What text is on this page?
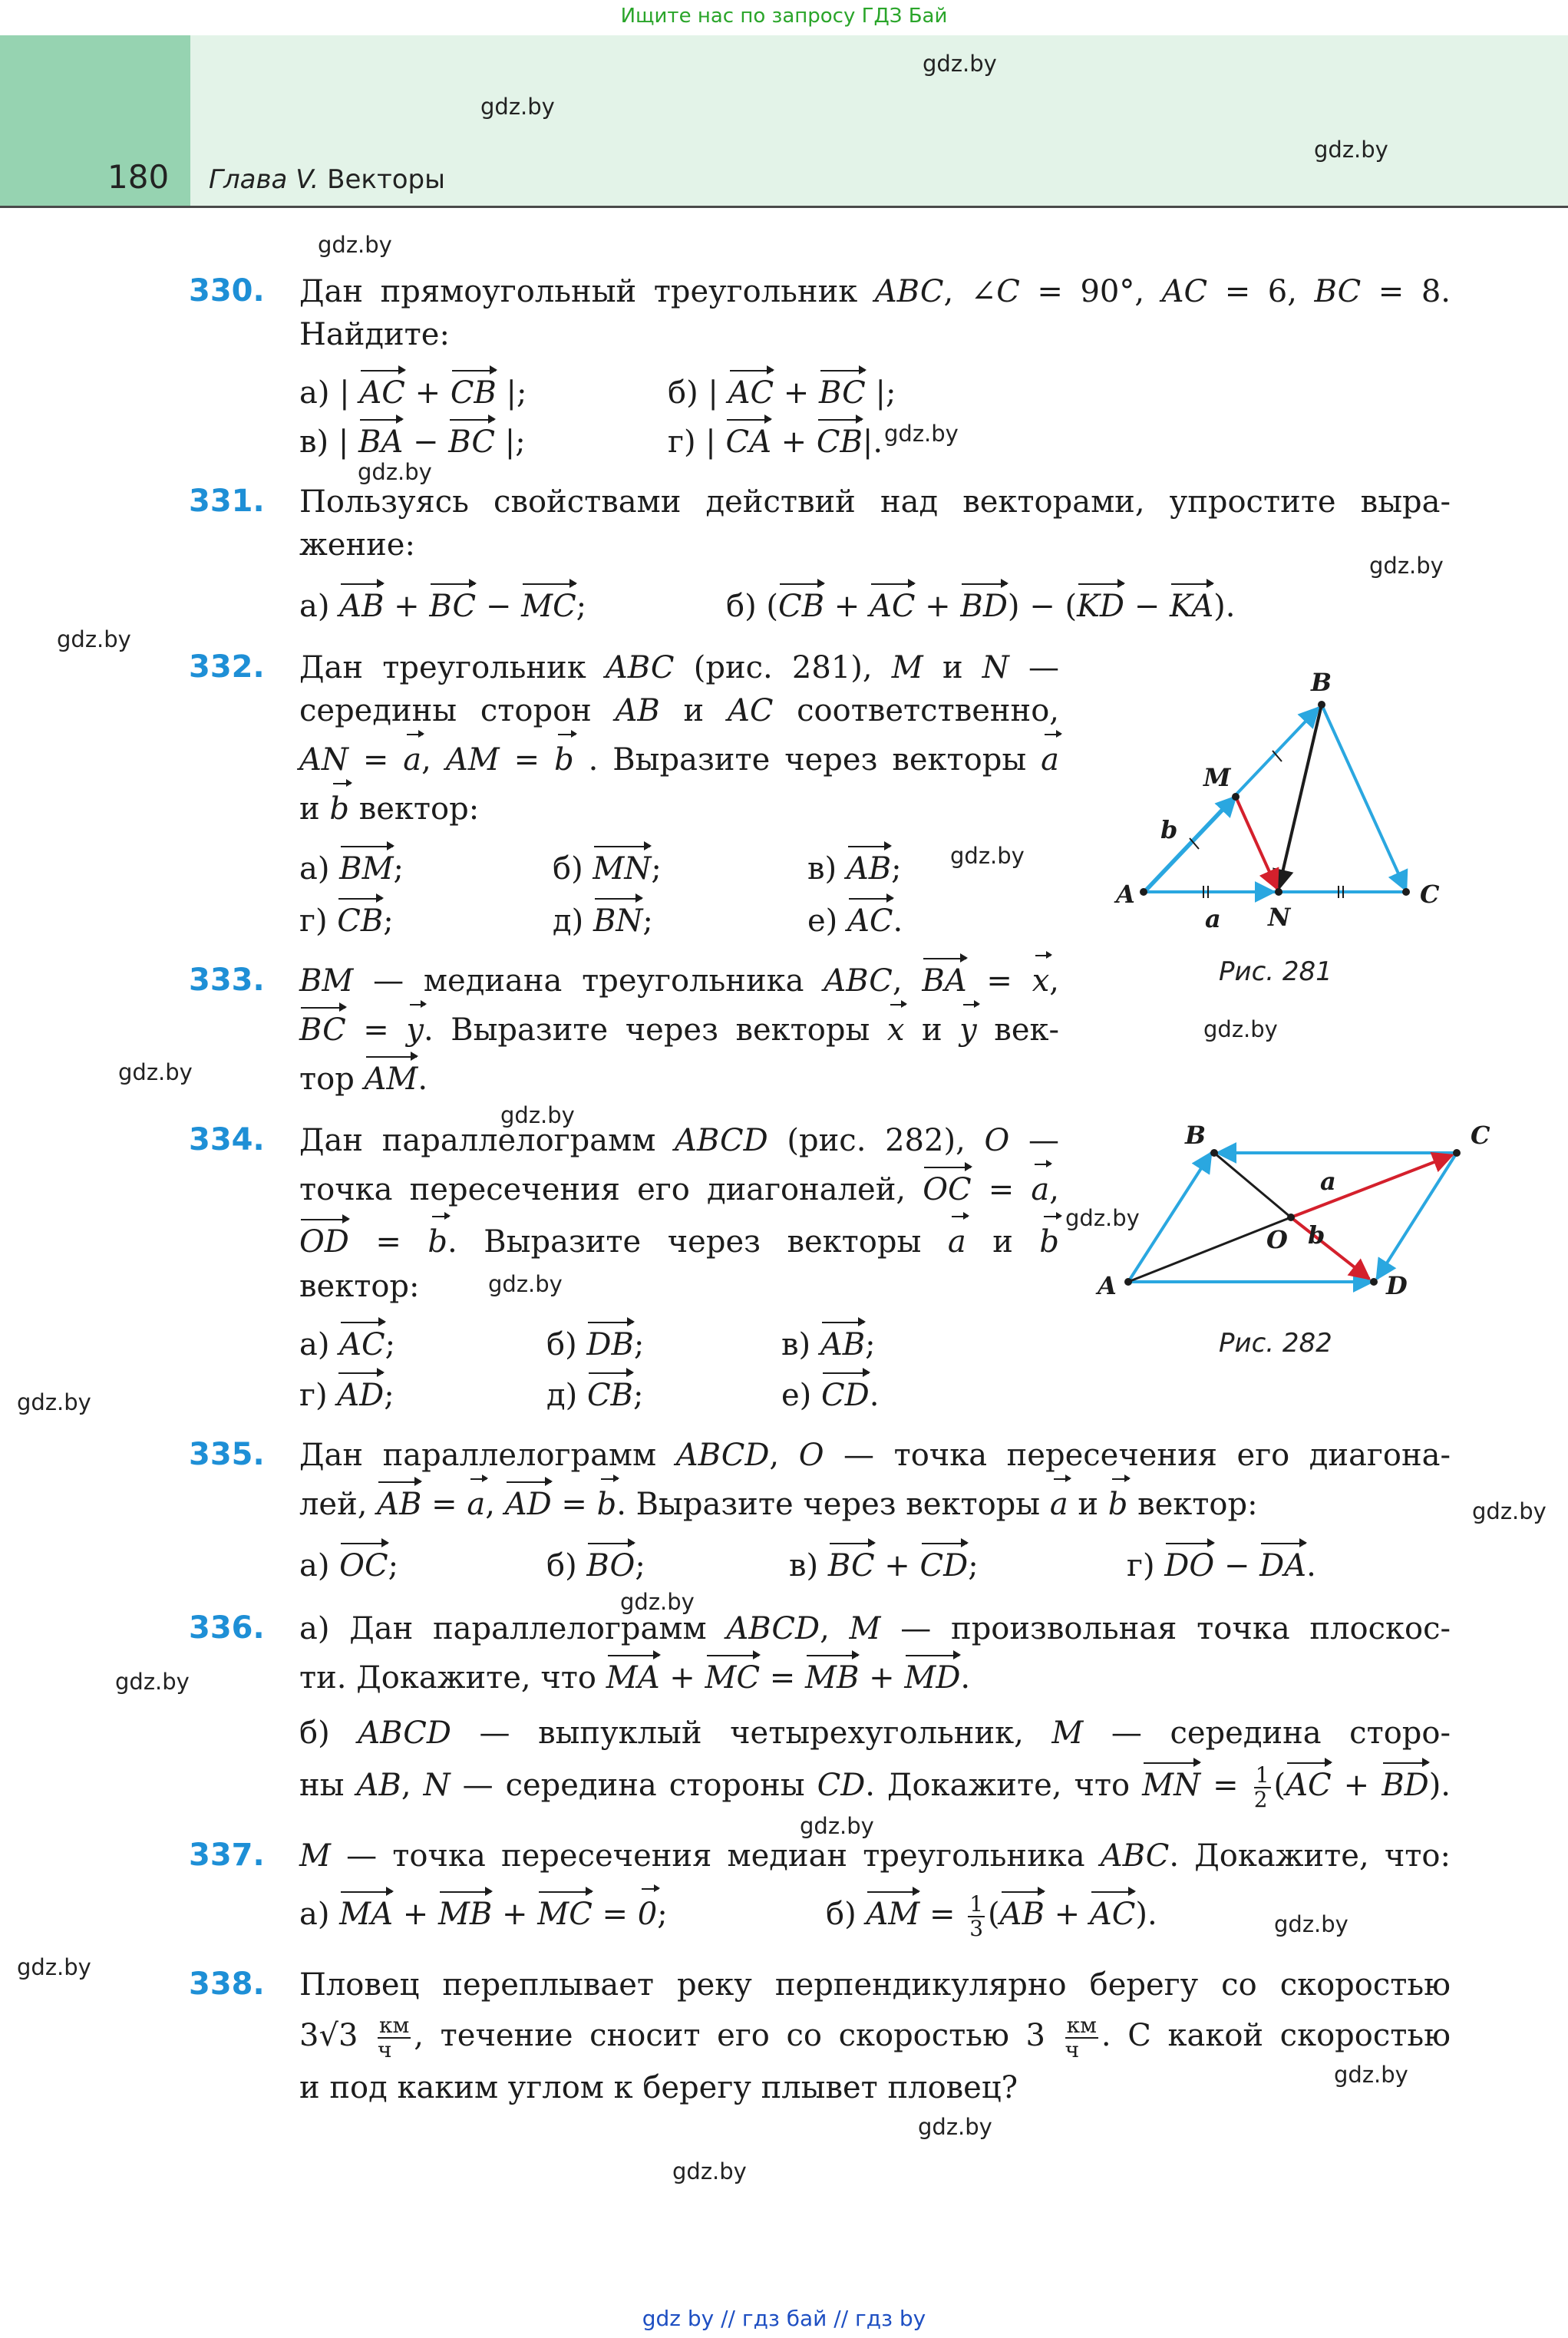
Ищите нас по запросу ГДЗ Бай
180 Глава V. Векторы
gdz.by
gdz.by
gdz.by
gdz.by
gdz.by
gdz.by
gdz.by
gdz.by
gdz.by
gdz.by
gdz.by
gdz.by
gdz.by
gdz.by
gdz.by
gdz.by
gdz.by
gdz.by
gdz.by
gdz.by
gdz.by
gdz.by
gdz.by
gdz.by
330. Дан прямоугольный треугольник ABC, ∠C = 90°, AC = 6, BC = 8.
Найдите:
а) | AC + CB |;	б) | AC + BC |;
в) | BA − BC |;	г) | CA + CB|.
331. Пользуясь свойствами действий над векторами, упростите выра-
жение:
а) AB + BC − MC;	б) (CB + AC + BD) − (KD − KA).
332. Дан треугольник ABC (рис. 281), M и N —
середины сторон AB и AC соответственно,
AN = a, AM = b . Выразите через векторы a
и b вектор:
а) BM;	б) MN;	в) AB;
г) CB;	д) BN;	е) AC.
A
B
C
M
N
a
b
Рис. 281
333. BM — медиана треугольника ABC, BA = x,
BC = y. Выразите через векторы x и y век-
тор AM.
334. Дан параллелограмм ABCD (рис. 282), O —
точка пересечения его диагоналей, OC = a,
OD = b. Выразите через векторы a и b
вектор:
а) AC;	б) DB;	в) AB;
г) AD;	д) CB;	е) CD.
A
B	C
D
O
a
b
Рис. 282
335. Дан параллелограмм ABCD, O — точка пересечения его диагона-
лей, AB = a, AD = b. Выразите через векторы a и b вектор:
а) OC;	б) BO;	в) BC + CD;	г) DO − DA.
336. а) Дан параллелограмм ABCD, M — произвольная точка плоскос-
ти. Докажите, что MA + MC = MB + MD.
б) ABCD — выпуклый четырехугольник, M — середина сторо-
ны AB, N — середина стороны CD. Докажите, что MN = $\frac{1}{2} (AC + BD)$.
337. M — точка пересечения медиан треугольника ABC. Докажите, что:
а) MA + MB + MC = 0;	б) AM = $\frac{1}{3} (AB + AC)$.
338. Пловец переплывает реку перпендикулярно берегу со скоростью
$3√3 \frac{км}{ч}$ , течение сносит его со скоростью $3 \frac{км}{ч}$ . С какой скоростью
и под каким углом к берегу плывет пловец?
gdz by // гдз бай // гдз by
